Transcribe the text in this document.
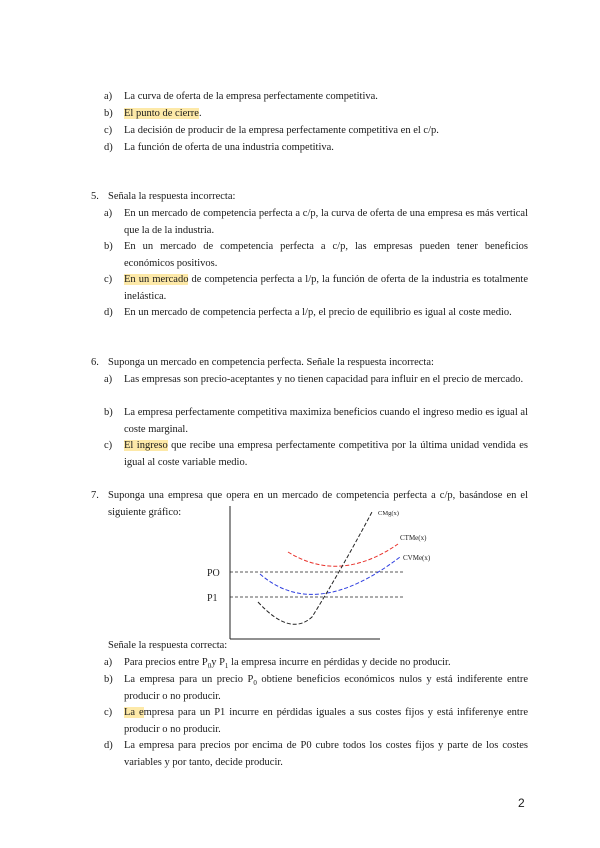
a) La curva de oferta de la empresa perfectamente competitiva.
b) El punto de cierre.
c) La decisión de producir de la empresa perfectamente competitiva en el c/p.
d) La función de oferta de una industria competitiva.
5. Señala la respuesta incorrecta:
a) En un mercado de competencia perfecta a c/p, la curva de oferta de una empresa es más vertical que la de la industria.
b) En un mercado de competencia perfecta a c/p, las empresas pueden tener beneficios económicos positivos.
c) En un mercado de competencia perfecta a l/p, la función de oferta de la industria es totalmente inelástica.
d) En un mercado de competencia perfecta a l/p, el precio de equilibrio es igual al coste medio.
6. Suponga un mercado en competencia perfecta. Señale la respuesta incorrecta:
a) Las empresas son precio-aceptantes y no tienen capacidad para influir en el precio de mercado.
b) La empresa perfectamente competitiva maximiza beneficios cuando el ingreso medio es igual al coste marginal.
c) El ingreso que recibe una empresa perfectamente competitiva por la última unidad vendida es igual al coste variable medio.
7. Suponga una empresa que opera en un mercado de competencia perfecta a c/p, basándose en el siguiente gráfico:
PO
P1
CMg(x)
CTMe(x)
CVMe(x)
Señale la respuesta correcta:
a) Para precios entre $P_0y$ $P_1$ la empresa incurre en pérdidas y decide no producir.
b) La empresa para un precio $P_0$ obtiene beneficios económicos nulos y está indiferente entre producir o no producir.
c) La empresa para un P1 incurre en pérdidas iguales a sus costes fijos y está infiferenye entre producir o no producir.
d) La empresa para precios por encima de P0 cubre todos los costes fijos y parte de los costes variables y por tanto, decide producir.
2
